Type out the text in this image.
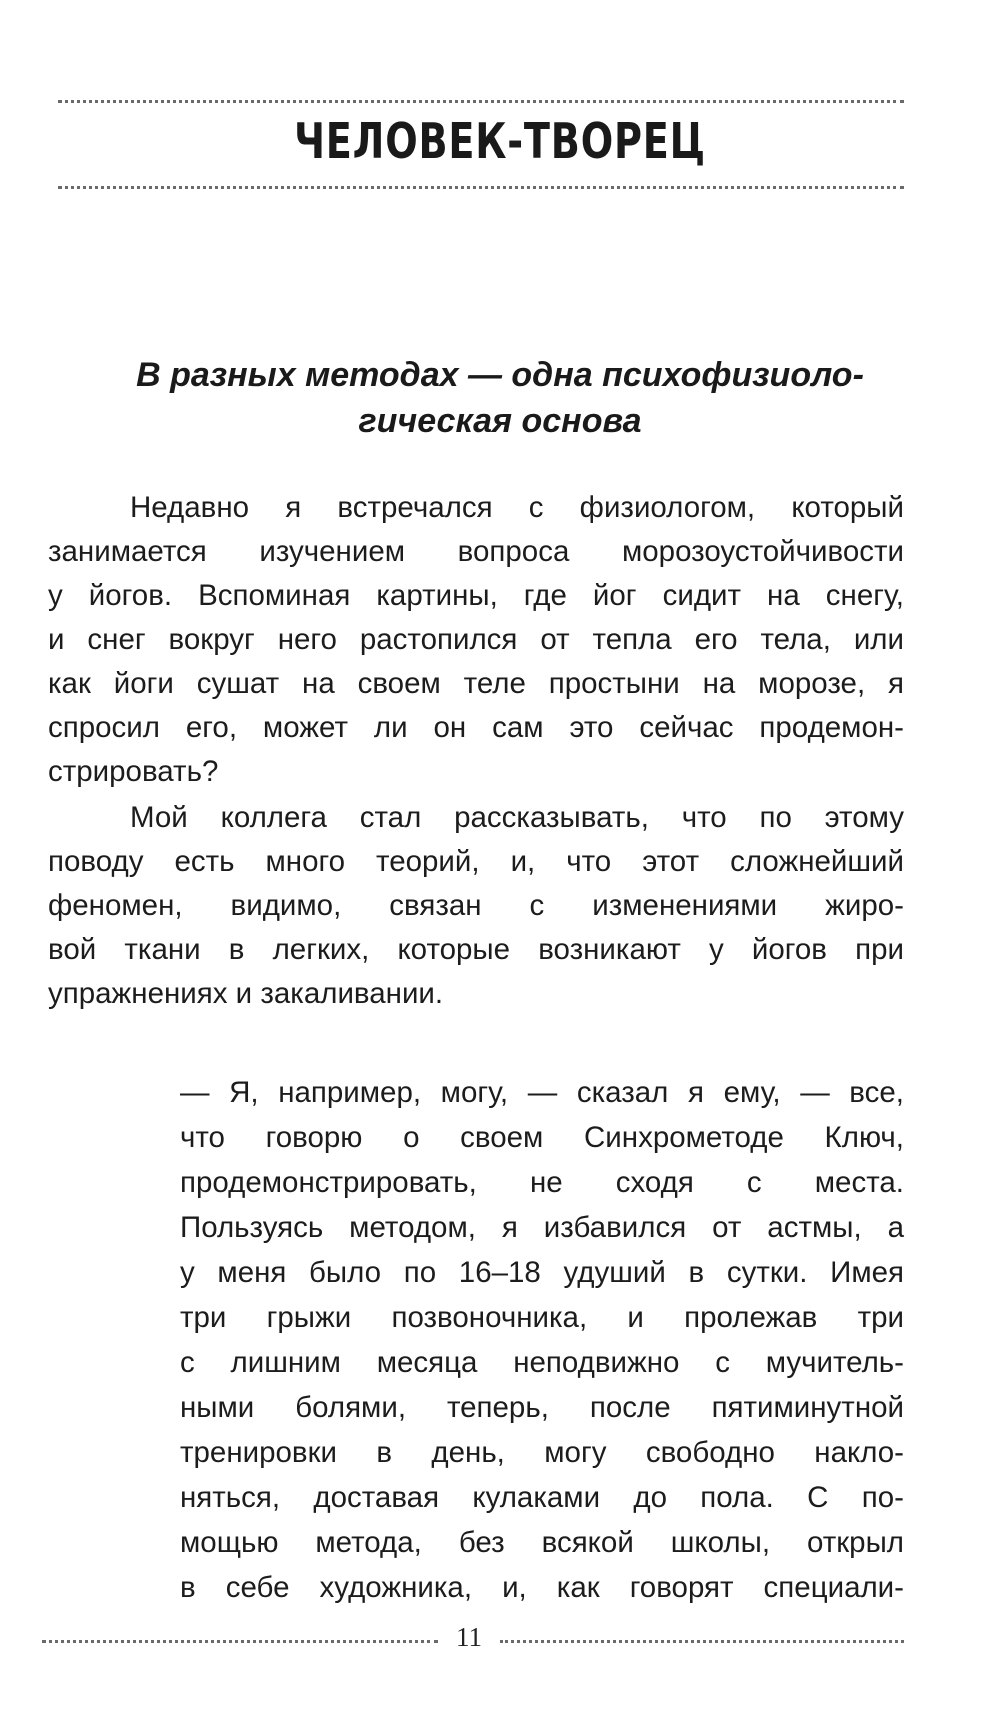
ЧЕЛОВЕК-ТВОРЕЦ
В разных методах — одна психофизиоло-
гическая основа
Недавно я встречался с физиологом, который
занимается изучением вопроса морозоустойчивости
у йогов. Вспоминая картины, где йог сидит на снегу,
и снег вокруг него растопился от тепла его тела, или
как йоги сушат на своем теле простыни на морозе, я
спросил его, может ли он сам это сейчас продемон-
стрировать?
Мой коллега стал рассказывать, что по этому
поводу есть много теорий, и, что этот сложнейший
феномен, видимо, связан с изменениями жиро-
вой ткани в легких, которые возникают у йогов при
упражнениях и закаливании.
— Я, например, могу, — сказал я ему, — все,
что говорю о своем Синхрометоде Ключ,
продемонстрировать, не сходя с места.
Пользуясь методом, я избавился от астмы, а
у меня было по 16–18 удуший в сутки. Имея
три грыжи позвоночника, и пролежав три
с лишним месяца неподвижно с мучитель-
ными болями, теперь, после пятиминутной
тренировки в день, могу свободно накло-
няться, доставая кулаками до пола. С по-
мощью метода, без всякой школы, открыл
в себе художника, и, как говорят специали-
11
